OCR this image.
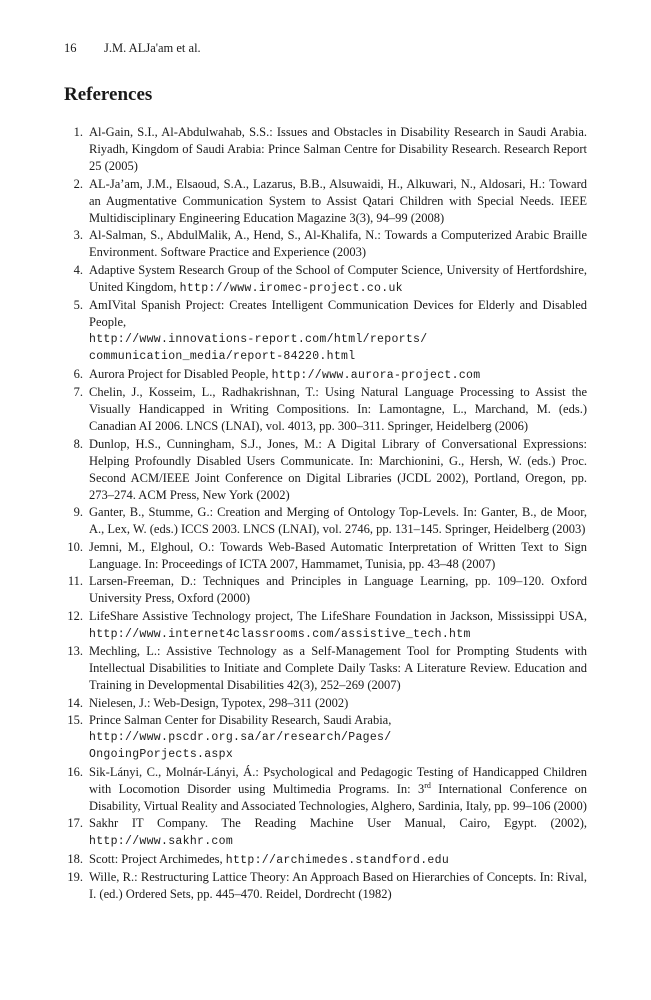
16 J.M. ALJa'am et al.
References
1. Al-Gain, S.I., Al-Abdulwahab, S.S.: Issues and Obstacles in Disability Research in Saudi Arabia. Riyadh, Kingdom of Saudi Arabia: Prince Salman Centre for Disability Research. Research Report 25 (2005)
2. AL-Ja’am, J.M., Elsaoud, S.A., Lazarus, B.B., Alsuwaidi, H., Alkuwari, N., Aldosari, H.: Toward an Augmentative Communication System to Assist Qatari Children with Special Needs. IEEE Multidisciplinary Engineering Education Magazine 3(3), 94–99 (2008)
3. Al-Salman, S., AbdulMalik, A., Hend, S., Al-Khalifa, N.: Towards a Computerized Arabic Braille Environment. Software Practice and Experience (2003)
4. Adaptive System Research Group of the School of Computer Science, University of Hertfordshire, United Kingdom, http://www.iromec-project.co.uk
5. AmIVital Spanish Project: Creates Intelligent Communication Devices for Elderly and Disabled People,
http://www.innovations-report.com/html/reports/
communication_media/report-84220.html
6. Aurora Project for Disabled People, http://www.aurora-project.com
7. Chelin, J., Kosseim, L., Radhakrishnan, T.: Using Natural Language Processing to Assist the Visually Handicapped in Writing Compositions. In: Lamontagne, L., Marchand, M. (eds.) Canadian AI 2006. LNCS (LNAI), vol. 4013, pp. 300–311. Springer, Heidelberg (2006)
8. Dunlop, H.S., Cunningham, S.J., Jones, M.: A Digital Library of Conversational Expressions: Helping Profoundly Disabled Users Communicate. In: Marchionini, G., Hersh, W. (eds.) Proc. Second ACM/IEEE Joint Conference on Digital Libraries (JCDL 2002), Portland, Oregon, pp. 273–274. ACM Press, New York (2002)
9. Ganter, B., Stumme, G.: Creation and Merging of Ontology Top-Levels. In: Ganter, B., de Moor, A., Lex, W. (eds.) ICCS 2003. LNCS (LNAI), vol. 2746, pp. 131–145. Springer, Heidelberg (2003)
10. Jemni, M., Elghoul, O.: Towards Web-Based Automatic Interpretation of Written Text to Sign Language. In: Proceedings of ICTA 2007, Hammamet, Tunisia, pp. 43–48 (2007)
11. Larsen-Freeman, D.: Techniques and Principles in Language Learning, pp. 109–120. Oxford University Press, Oxford (2000)
12. LifeShare Assistive Technology project, The LifeShare Foundation in Jackson, Mississippi USA, http://www.internet4classrooms.com/assistive_tech.htm
13. Mechling, L.: Assistive Technology as a Self-Management Tool for Prompting Students with Intellectual Disabilities to Initiate and Complete Daily Tasks: A Literature Review. Education and Training in Developmental Disabilities 42(3), 252–269 (2007)
14. Nielesen, J.: Web-Design, Typotex, 298–311 (2002)
15. Prince Salman Center for Disability Research, Saudi Arabia,
http://www.pscdr.org.sa/ar/research/Pages/
OngoingPorjects.aspx
16. Sik-Lányi, C., Molnár-Lányi, Á.: Psychological and Pedagogic Testing of Handicapped Children with Locomotion Disorder using Multimedia Programs. In: 3rd International Conference on Disability, Virtual Reality and Associated Technologies, Alghero, Sardinia, Italy, pp. 99–106 (2000)
17. Sakhr IT Company. The Reading Machine User Manual, Cairo, Egypt. (2002), http://www.sakhr.com
18. Scott: Project Archimedes, http://archimedes.standford.edu
19. Wille, R.: Restructuring Lattice Theory: An Approach Based on Hierarchies of Concepts. In: Rival, I. (ed.) Ordered Sets, pp. 445–470. Reidel, Dordrecht (1982)
